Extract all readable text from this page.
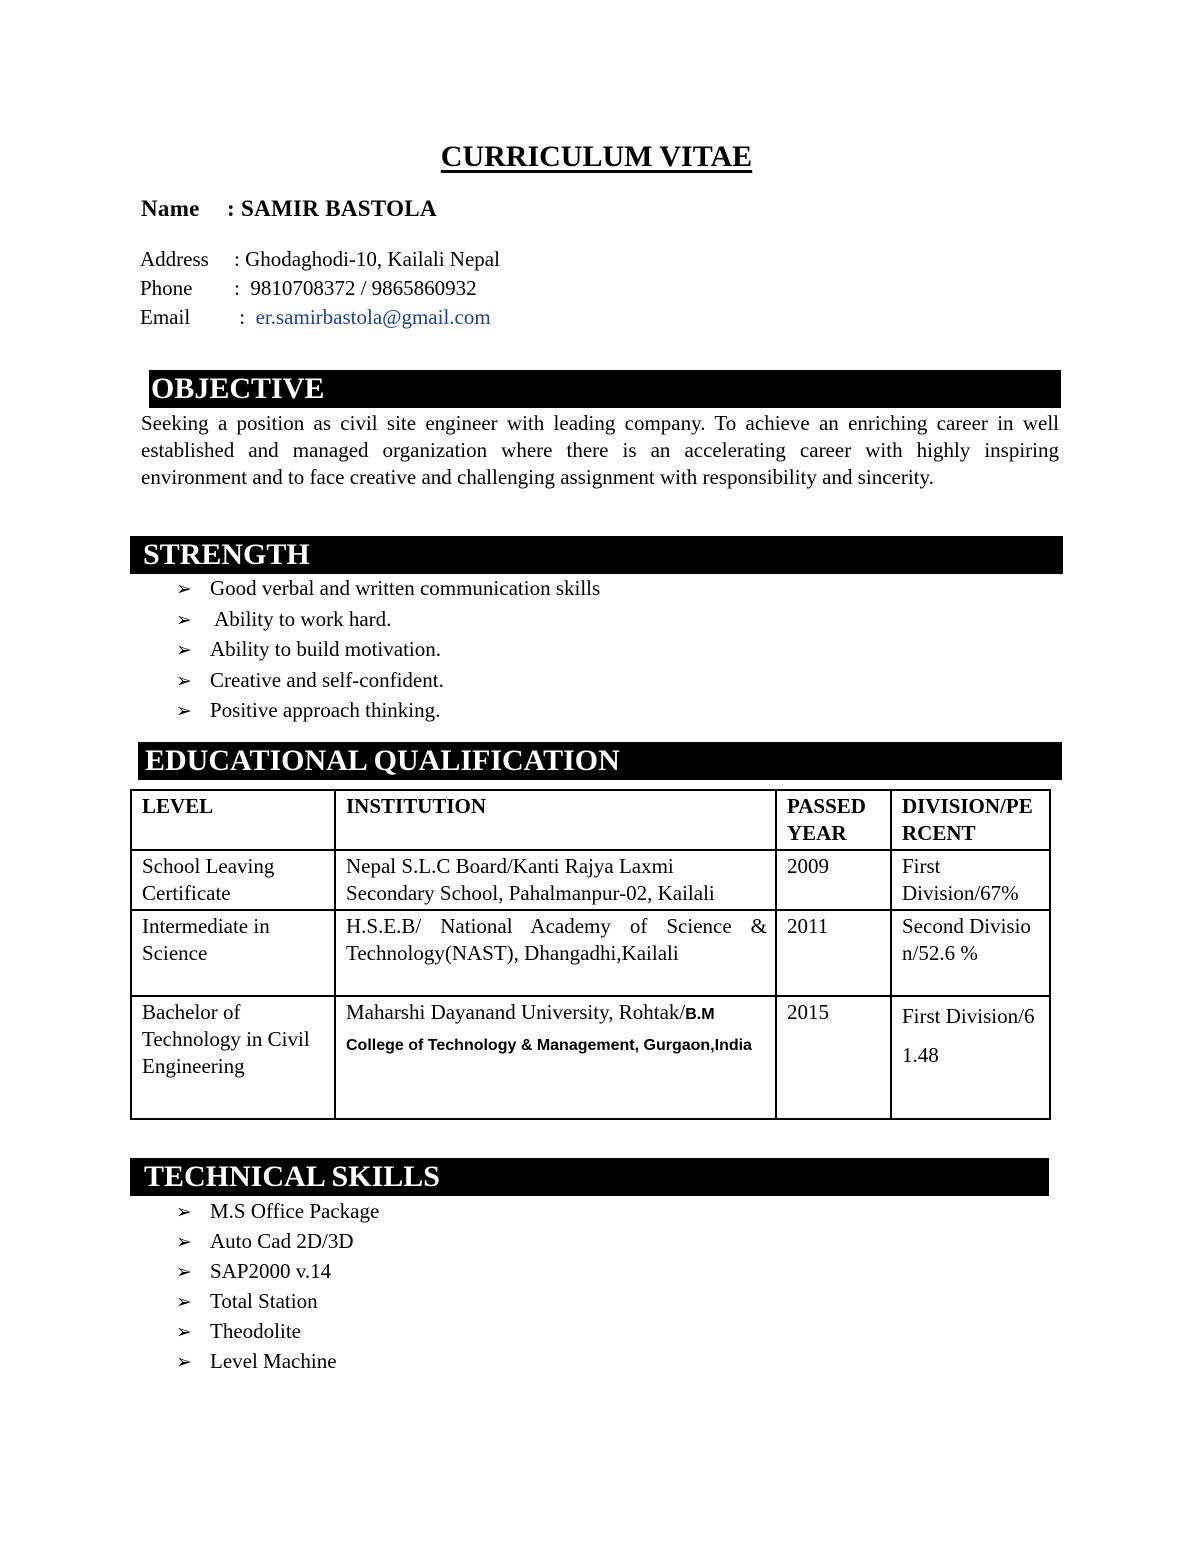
CURRICULUM VITAE
Name : SAMIR BASTOLA
Address : Ghodaghodi-10, Kailali Nepal
Phone : 9810708372 / 9865860932
Email : er.samirbastola@gmail.com
OBJECTIVE
Seeking a position as civil site engineer with leading company. To achieve an enriching career in well established and managed organization where there is an accelerating career with highly inspiring environment and to face creative and challenging assignment with responsibility and sincerity.
STRENGTH
➢ Good verbal and written communication skills
➢ Ability to work hard.
➢ Ability to build motivation.
➢ Creative and self-confident.
➢ Positive approach thinking.
EDUCATIONAL QUALIFICATION
LEVEL	INSTITUTION	PASSED YEAR	DIVISION/PERCENT
School Leaving Certificate	Nepal S.L.C Board/Kanti Rajya Laxmi Secondary School, Pahalmanpur-02, Kailali	2009	First Division/67%
Intermediate in Science	H.S.E.B/ National Academy of Science & Technology(NAST), Dhangadhi,Kailali	2011	Second Division/52.6 %
Bachelor of Technology in Civil Engineering	Maharshi Dayanand University, Rohtak/B.M College of Technology & Management, Gurgaon,India	2015	First Division/61.48
TECHNICAL SKILLS
➢ M.S Office Package
➢ Auto Cad 2D/3D
➢ SAP2000 v.14
➢ Total Station
➢ Theodolite
➢ Level Machine
